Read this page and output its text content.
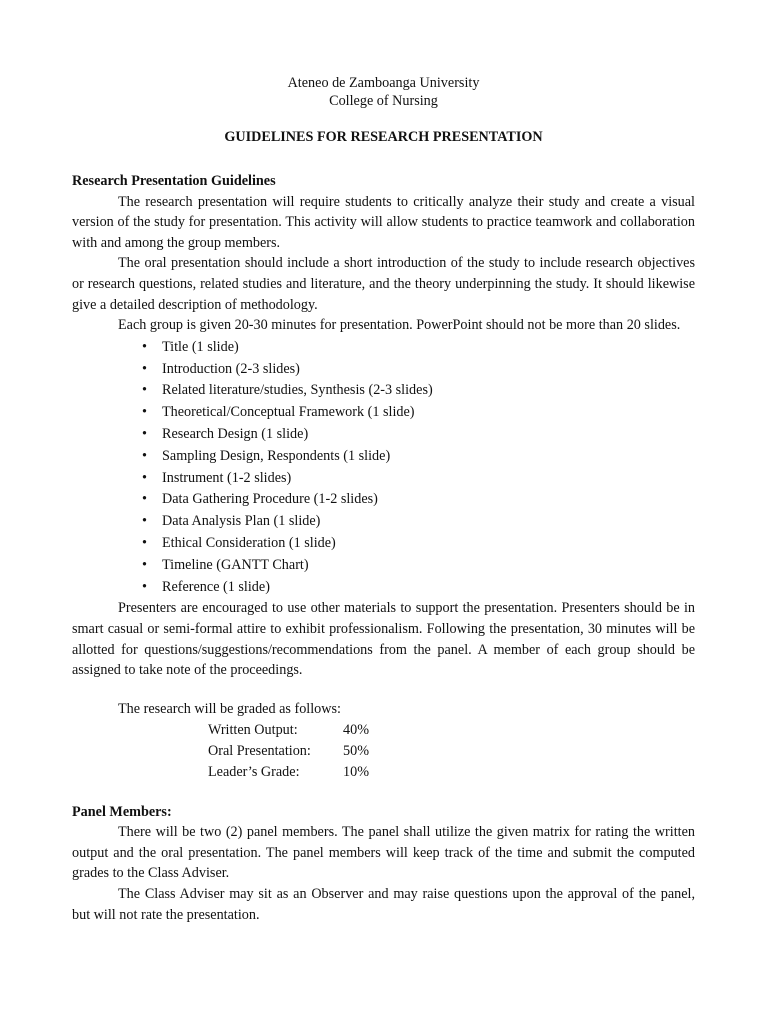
Ateneo de Zamboanga University
College of Nursing
GUIDELINES FOR RESEARCH PRESENTATION
Research Presentation Guidelines

The research presentation will require students to critically analyze their study and create a visual version of the study for presentation. This activity will allow students to practice teamwork and collaboration with and among the group members.

The oral presentation should include a short introduction of the study to include research objectives or research questions, related studies and literature, and the theory underpinning the study. It should likewise give a detailed description of methodology.

Each group is given 20-30 minutes for presentation. PowerPoint should not be more than 20 slides.

• Title (1 slide)
• Introduction (2-3 slides)
• Related literature/studies, Synthesis (2-3 slides)
• Theoretical/Conceptual Framework (1 slide)
• Research Design (1 slide)
• Sampling Design, Respondents (1 slide)
• Instrument (1-2 slides)
• Data Gathering Procedure (1-2 slides)
• Data Analysis Plan (1 slide)
• Ethical Consideration (1 slide)
• Timeline (GANTT Chart)
• Reference (1 slide)

Presenters are encouraged to use other materials to support the presentation. Presenters should be in smart casual or semi-formal attire to exhibit professionalism. Following the presentation, 30 minutes will be allotted for questions/suggestions/recommendations from the panel. A member of each group should be assigned to take note of the proceedings.

The research will be graded as follows:
Written Output:	40%
Oral Presentation:	50%
Leader’s Grade:	10%
Panel Members:

There will be two (2) panel members. The panel shall utilize the given matrix for rating the written output and the oral presentation. The panel members will keep track of the time and submit the computed grades to the Class Adviser.

The Class Adviser may sit as an Observer and may raise questions upon the approval of the panel, but will not rate the presentation.
